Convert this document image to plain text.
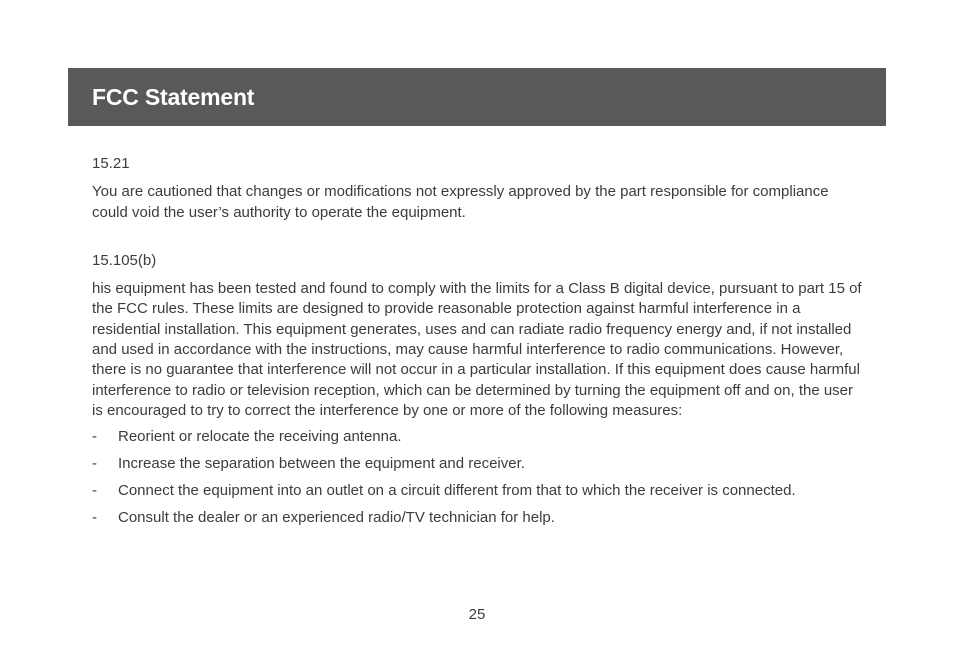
FCC Statement

15.21

You are cautioned that changes or modifications not expressly approved by the part responsible for compliance could void the user’s authority to operate the equipment.

15.105(b)

his equipment has been tested and found to comply with the limits for a Class B digital device, pursuant to part 15 of the FCC rules. These limits are designed to provide reasonable protection against harmful interference in a residential installation. This equipment generates, uses and can radiate radio frequency energy and, if not installed and used in accordance with the instructions, may cause harmful interference to radio communications. However, there is no guarantee that interference will not occur in a particular installation. If this equipment does cause harmful interference to radio or television reception, which can be determined by turning the equipment off and on, the user is encouraged to try to correct the interference by one or more of the following measures:

- Reorient or relocate the receiving antenna.
- Increase the separation between the equipment and receiver.
- Connect the equipment into an outlet on a circuit different from that to which the receiver is connected.
- Consult the dealer or an experienced radio/TV technician for help.
25
